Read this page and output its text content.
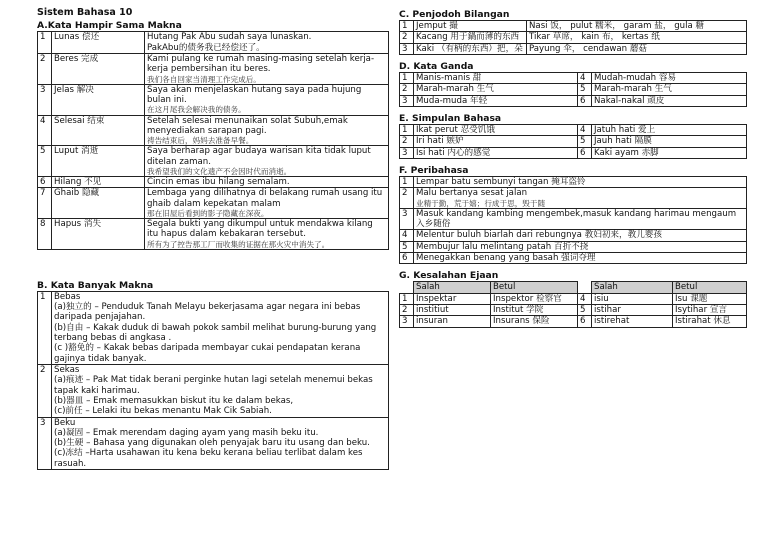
Sistem Bahasa 10
A.Kata Hampir Sama Makna
1	Lunas 偿还	Hutang Pak Abu sudah saya lunaskan.
PakAbu的债务我已经偿还了。
2	Beres 完成	Kami pulang ke rumah masing-masing setelah kerja-kerja pembersihan itu beres.
我们各自回家当清理工作完成后。

3	Jelas 解决	Saya akan menjelaskan hutang saya pada hujung bulan ini.
在这月尾我会解决我的债务。

4	Selesai 结束	Setelah selesai menunaikan solat Subuh,emak menyediakan sarapan pagi.
祷告结束后，妈妈去准备早餐。

5	Luput 消逝	Saya berharap agar budaya warisan kita tidak luput ditelan zaman.
我希望我们的文化遗产不会因时代而消逝。

6	Hilang 不见	Cincin emas ibu hilang semalam.

7	Ghaib 隐藏	Lembaga yang dilihatnya di belakang rumah usang itu ghaib dalam kepekatan malam
那在旧屋后看到的影子隐藏在深夜。

8	Hapus 消失	Segala bukti yang dikumpul untuk mendakwa kilang itu hapus dalam kebakaran tersebut.
所有为了控告那工厂而收集的证据在那火灾中消失了。
B. Kata Banyak Makna
1	Bebas
(a)独立的 – Penduduk Tanah Melayu bekerjasama agar negara ini bebas daripada penjajahan.
(b)自由 – Kakak duduk di bawah pokok sambil melihat burung-burung yang terbang bebas di angkasa .
(c )豁免的 – Kakak bebas daripada membayar cukai pendapatan kerana gajinya tidak banyak.

2	Sekas
(a)痕迹 – Pak Mat tidak berani perginke hutan lagi setelah menemui bekas tapak kaki harimau.
(b)器皿 – Emak memasukkan biskut itu ke dalam bekas,
(c)前任 – Lelaki itu bekas menantu Mak Cik Sabiah.

3	Beku
(a)凝固 – Emak merendam daging ayam yang masih beku itu.
(b)生硬 – Bahasa yang digunakan oleh penyajak baru itu usang dan beku.
(c)冻结 –Harta usahawan itu kena beku kerana beliau terlibat dalam kes rasuah.
C. Penjodoh Bilangan
1	Jemput 撮	Nasi 饭， pulut 糯米， garam 盐， gula 糖
2	Kacang 用于鍋而薄的东西	Tikar 草席， kain 布， kertas 纸
3	Kaki （有柄的东西）把，朵	Payung 伞， cendawan 蘑菇
D. Kata Ganda
1	Manis-manis 甜	4	Mudah-mudah 容易
2	Marah-marah 生气	5	Marah-marah 生气
3	Muda-muda 年轻	6	Nakal-nakal 顽皮
E. Simpulan Bahasa
1	Ikat perut 忍受饥饿	4	Jatuh hati 爱上
2	Iri hati 嫉妒	5	Jauh hati 隔膜
3	Isi hati 内心的感觉	6	Kaki ayam 赤脚
F. Peribahasa
1	Lempar batu sembunyi tangan 掩耳盗铃
2	Malu bertanya sesat jalan
业精于勤，荒于嬉；行成于思，毁于随

3	Masuk kandang kambing mengembek,masuk kandang harimau mengaum 入乡随俗
4	Melentur buluh biarlah dari rebungnya 教妇初来，教儿婴孩
5	Membujur lalu melintang patah 百折不挠
6	Menegakkan benang yang basah 强词夺理
G. Kesalahan Ejaan
	Salah	Betul		Salah	Betul
1	Inspektar	Inspektor 检察官	4	isiu	Isu 课题
2	institiut	Institut 学院	5	istihar	Isytihar 宣言
3	insuran	Insurans 保险	6	istirehat	Istirahat 休息
